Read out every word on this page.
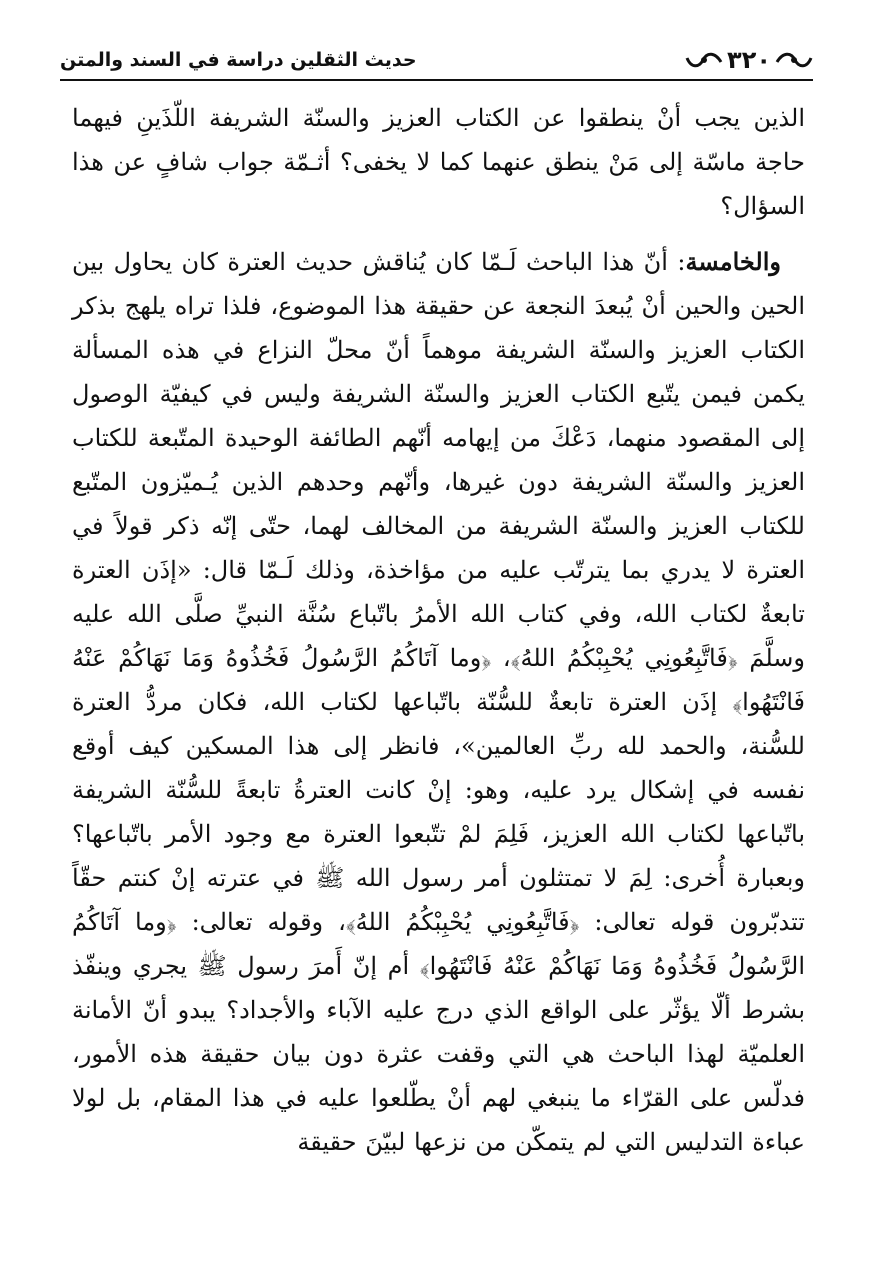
٣٢٠
حديث الثقلين دراسة في السند والمتن

الذين يجب أنْ ينطقوا عن الكتاب العزيز والسنّة الشريفة اللّذَينِ فيهما حاجة ماسّة إلى مَنْ ينطق عنهما كما لا يخفى؟ أثـمّة جواب شافٍ عن هذا السؤال؟

والخامسة: أنّ هذا الباحث لَـمّا كان يُناقش حديث العترة كان يحاول بين الحين والحين أنْ يُبعدَ النجعة عن حقيقة هذا الموضوع، فلذا تراه يلهج بذكر الكتاب العزيز والسنّة الشريفة موهماً أنّ محلّ النزاع في هذه المسألة يكمن فيمن يتّبع الكتاب العزيز والسنّة الشريفة وليس في كيفيّة الوصول إلى المقصود منهما، دَعْكَ من إيهامه أنّهم الطائفة الوحيدة المتّبعة للكتاب العزيز والسنّة الشريفة دون غيرها، وأنّهم وحدهم الذين يُـميّزون المتّبع للكتاب العزيز والسنّة الشريفة من المخالف لهما، حتّى إنّه ذكر قولاً في العترة لا يدري بما يترتّب عليه من مؤاخذة، وذلك لَـمّا قال: «إذَن العترة تابعةٌ لكتاب الله، وفي كتاب الله الأمرُ باتّباع سُنَّة النبيِّ صلَّى الله عليه وسلَّمَ ﴿فَاتَّبِعُونِي يُحْبِبْكُمُ اللهُ﴾، ﴿وما آتَاكُمُ الرَّسُولُ فَخُذُوهُ وَمَا نَهَاكُمْ عَنْهُ فَانْتَهُوا﴾ إذَن العترة تابعةٌ للسُّنّة باتّباعها لكتاب الله، فكان مردُّ العترة للسُّنة، والحمد لله ربِّ العالمين»، فانظر إلى هذا المسكين كيف أوقع نفسه في إشكال يرد عليه، وهو: إنْ كانت العترةُ تابعةً للسُّنّة الشريفة باتّباعها لكتاب الله العزيز، فَلِمَ لمْ تتّبعوا العترة مع وجود الأمر باتّباعها؟ وبعبارة أُخرى: لِمَ لا تمتثلون أمر رسول الله ﷺ في عترته إنْ كنتم حقّاً تتدبّرون قوله تعالى: ﴿فَاتَّبِعُونِي يُحْبِبْكُمُ اللهُ﴾، وقوله تعالى: ﴿وما آتَاكُمُ الرَّسُولُ فَخُذُوهُ وَمَا نَهَاكُمْ عَنْهُ فَانْتَهُوا﴾ أم إنّ أَمرَ رسول ﷺ يجري وينفّذ بشرط ألّا يؤثّر على الواقع الذي درج عليه الآباء والأجداد؟ يبدو أنّ الأمانة العلميّة لهذا الباحث هي التي وقفت عثرة دون بيان حقيقة هذه الأمور، فدلّس على القرّاء ما ينبغي لهم أنْ يطّلعوا عليه في هذا المقام، بل لولا عباءة التدليس التي لم يتمكّن من نزعها لبيّنَ حقيقة
